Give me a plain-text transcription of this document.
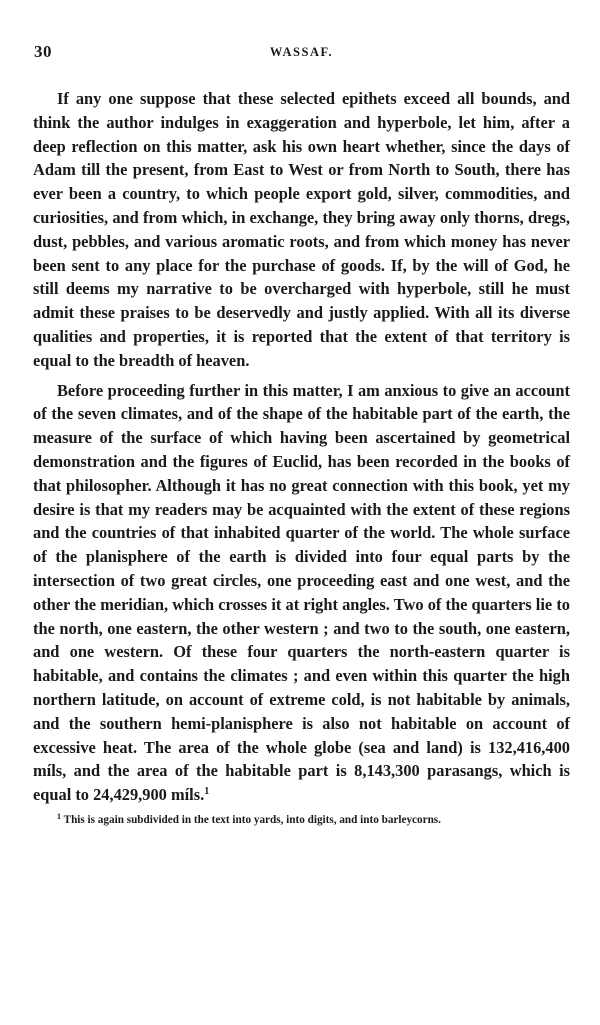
30	WASSAF.

If any one suppose that these selected epithets exceed all bounds, and think the author indulges in exaggeration and hyperbole, let him, after a deep reflection on this matter, ask his own heart whether, since the days of Adam till the present, from East to West or from North to South, there has ever been a country, to which people export gold, silver, commodities, and curiosities, and from which, in exchange, they bring away only thorns, dregs, dust, pebbles, and various aromatic roots, and from which money has never been sent to any place for the purchase of goods. If, by the will of God, he still deems my narrative to be overcharged with hyperbole, still he must admit these praises to be deservedly and justly applied. With all its diverse qualities and properties, it is reported that the extent of that territory is equal to the breadth of heaven.

Before proceeding further in this matter, I am anxious to give an account of the seven climates, and of the shape of the habitable part of the earth, the measure of the surface of which having been ascertained by geometrical demonstration and the figures of Euclid, has been recorded in the books of that philosopher. Although it has no great connection with this book, yet my desire is that my readers may be acquainted with the extent of these regions and the countries of that inhabited quarter of the world. The whole surface of the planisphere of the earth is divided into four equal parts by the intersection of two great circles, one proceeding east and one west, and the other the meridian, which crosses it at right angles. Two of the quarters lie to the north, one eastern, the other western ; and two to the south, one eastern, and one western. Of these four quarters the north-eastern quarter is habitable, and contains the climates ; and even within this quarter the high northern latitude, on account of extreme cold, is not habitable by animals, and the southern hemi-planisphere is also not habitable on account of excessive heat. The area of the whole globe (sea and land) is 132,416,400 míls, and the area of the habitable part is 8,143,300 parasangs, which is equal to 24,429,900 míls.$^1$

$^1$ This is again subdivided in the text into yards, into digits, and into barleycorns.
